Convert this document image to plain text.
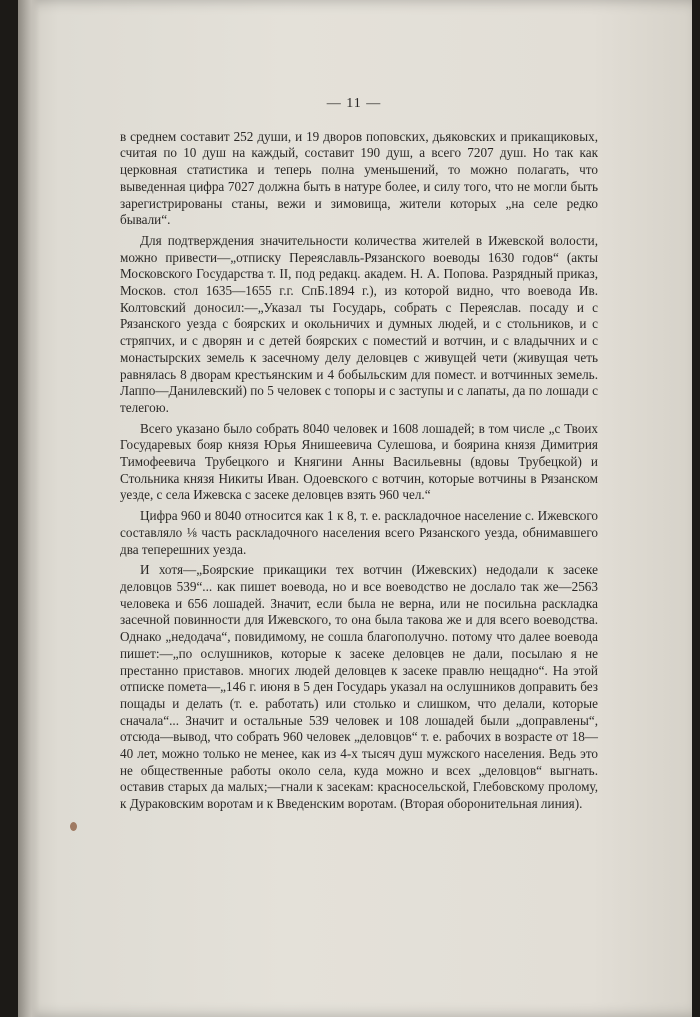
— 11 —

в среднем составит 252 души, и 19 дворов поповских, дьяковских и прикащиковых, считая по 10 душ на каждый, составит 190 душ, а всего 7207 душ. Но так как церковная статистика и теперь полна уменьшений, то можно полагать, что выведенная цифра 7027 должна быть в натуре более, и силу того, что не могли быть зарегистрированы станы, вежи и зимовища, жители которых „на селе редко бывали“.

Для подтверждения значительности количества жителей в Ижевской волости, можно привести—„отписку Переяславль-Рязанского воеводы 1630 годов“ (акты Московского Государства т. II, под редакц. академ. Н. А. Попова. Разрядный приказ, Москов. стол 1635—1655 г.г. СпБ.1894 г.), из которой видно, что воевода Ив. Колтовский доносил:—„Указал ты Государь, собрать с Переяслав. посаду и с Рязанского уезда с боярских и окольничих и думных людей, и с стольников, и с стряпчих, и с дворян и с детей боярских с поместий и вотчин, и с владычних и с монастырских земель к засечному делу деловцев с живущей чети (живущая четь равнялась 8 дворам крестьянским и 4 бобыльским для помест. и вотчинных земель. Лаппо—Данилевский) по 5 человек с топоры и с заступы и с лапаты, да по лошади с телегою.

Всего указано было собрать 8040 человек и 1608 лошадей; в том числе „с Твоих Государевых бояр князя Юрья Янишеевича Сулешова, и боярина князя Димитрия Тимофеевича Трубецкого и Княгини Анны Васильевны (вдовы Трубецкой) и Стольника князя Никиты Иван. Одоевского с вотчин, которые вотчины в Рязанском уезде, с села Ижевска с засеке деловцев взять 960 чел.“

Цифра 960 и 8040 относится как 1 к 8, т. е. раскладочное население с. Ижевского составляло ⅛ часть раскладочного населения всего Рязанского уезда, обнимавшего два теперешних уезда.

И хотя—„Боярские прикащики тех вотчин (Ижевских) недодали к засеке деловцов 539“... как пишет воевода, но и все воеводство не дослало так же—2563 человека и 656 лошадей. Значит, если была не верна, или не посильна раскладка засечной повинности для Ижевского, то она была такова же и для всего воеводства. Однако „недодача“, повидимому, не сошла благополучно. потому что далее воевода пишет:—„по ослушников, которые к засеке деловцев не дали, посылаю я не престанно приставов. многих людей деловцев к засеке правлю нещадно“. На этой отписке помета—„146 г. июня в 5 ден Государь указал на ослушников доправить без пощады и делать (т. е. работать) или столько и слишком, что делали, которые сначала“... Значит и остальные 539 человек и 108 лошадей были „доправлены“, отсюда—вывод, что собрать 960 человек „деловцов“ т. е. рабочих в возрасте от 18—40 лет, можно только не менее, как из 4-х тысяч душ мужского населения. Ведь это не общественные работы около села, куда можно и всех „деловцов“ выгнать. оставив старых да малых;—гнали к засекам: красносельской, Глебовскому пролому, к Дураковским воротам и к Введенским воротам. (Вторая оборонительная линия).
